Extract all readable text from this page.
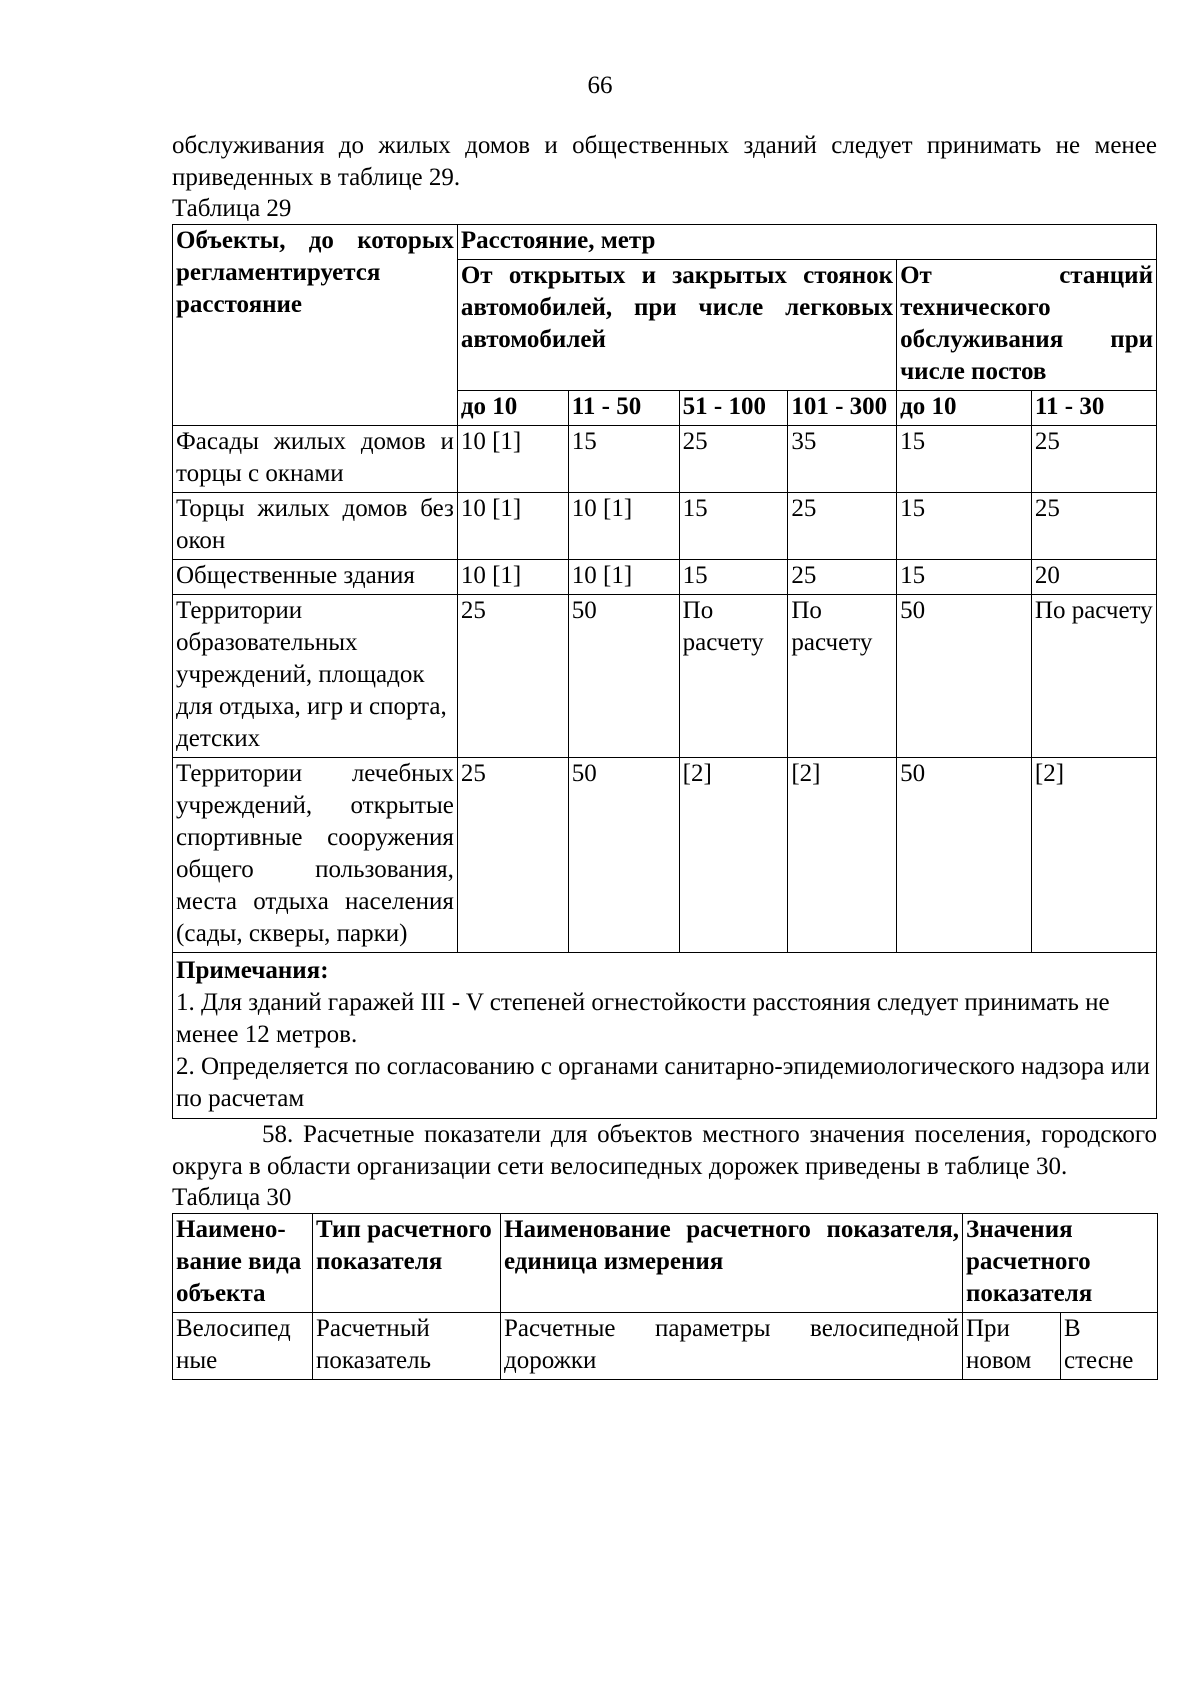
66

обслуживания до жилых домов и общественных зданий следует принимать не менее приведенных в таблице 29.

Таблица 29

Объекты, до которых регламентируется расстояние	Расстояние, метр					
	От открытых и закрытых стоянок автомобилей, при числе легковых автомобилей				От станций технического обслуживания при числе постов	
	до 10	11 - 50	51 - 100	101 - 300	до 10	11 - 30
Фасады жилых домов и торцы с окнами	10 [1]	15	25	35	15	25
Торцы жилых домов без окон	10 [1]	10 [1]	15	25	15	25
Общественные здания	10 [1]	10 [1]	15	25	15	20
Территории образовательных учреждений, площадок для отдыха, игр и спорта, детских	25	50	По расчету	По расчету	50	По расчету
Территории лечебных учреждений, открытые спортивные сооружения общего пользования, места отдыха населения (сады, скверы, парки)	25	50	[2]	[2]	50	[2]

Примечания:
1. Для зданий гаражей III - V степеней огнестойкости расстояния следует принимать не менее 12 метров.
2. Определяется по согласованию с органами санитарно-эпидемиологического надзора или по расчетам						

58. Расчетные показатели для объектов местного значения поселения, городского округа в области организации сети велосипедных дорожек приведены в таблице 30.

Таблица 30

Наимено-вание вида объекта	Тип расчетного показателя	Наименование расчетного показателя, единица измерения	Значения расчетного показателя	
Велосипед ные	Расчетный показатель	Расчетные параметры велосипедной дорожки	При новом	В стесне
